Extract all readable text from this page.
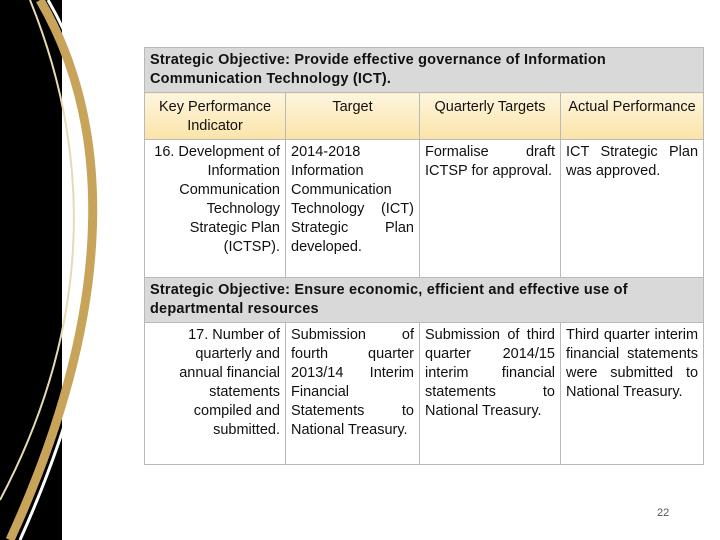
Strategic Objective: Provide effective governance of Information Communication Technology (ICT).			
Key Performance Indicator	Target	Quarterly Targets	Actual Performance
16. Development of Information Communication Technology Strategic Plan (ICTSP).	2014-2018 Information Communication Technology (ICT) Strategic Plan developed.	Formalise draft ICTSP for approval.	ICT Strategic Plan was approved.
Strategic Objective: Ensure economic, efficient and effective use of departmental resources			
17. Number of quarterly and annual financial statements compiled and submitted.	Submission of fourth quarter 2013/14 Interim Financial Statements to National Treasury.	Submission of third quarter 2014/15 interim financial statements to National Treasury.	Third quarter interim financial statements were submitted to National Treasury.
22
